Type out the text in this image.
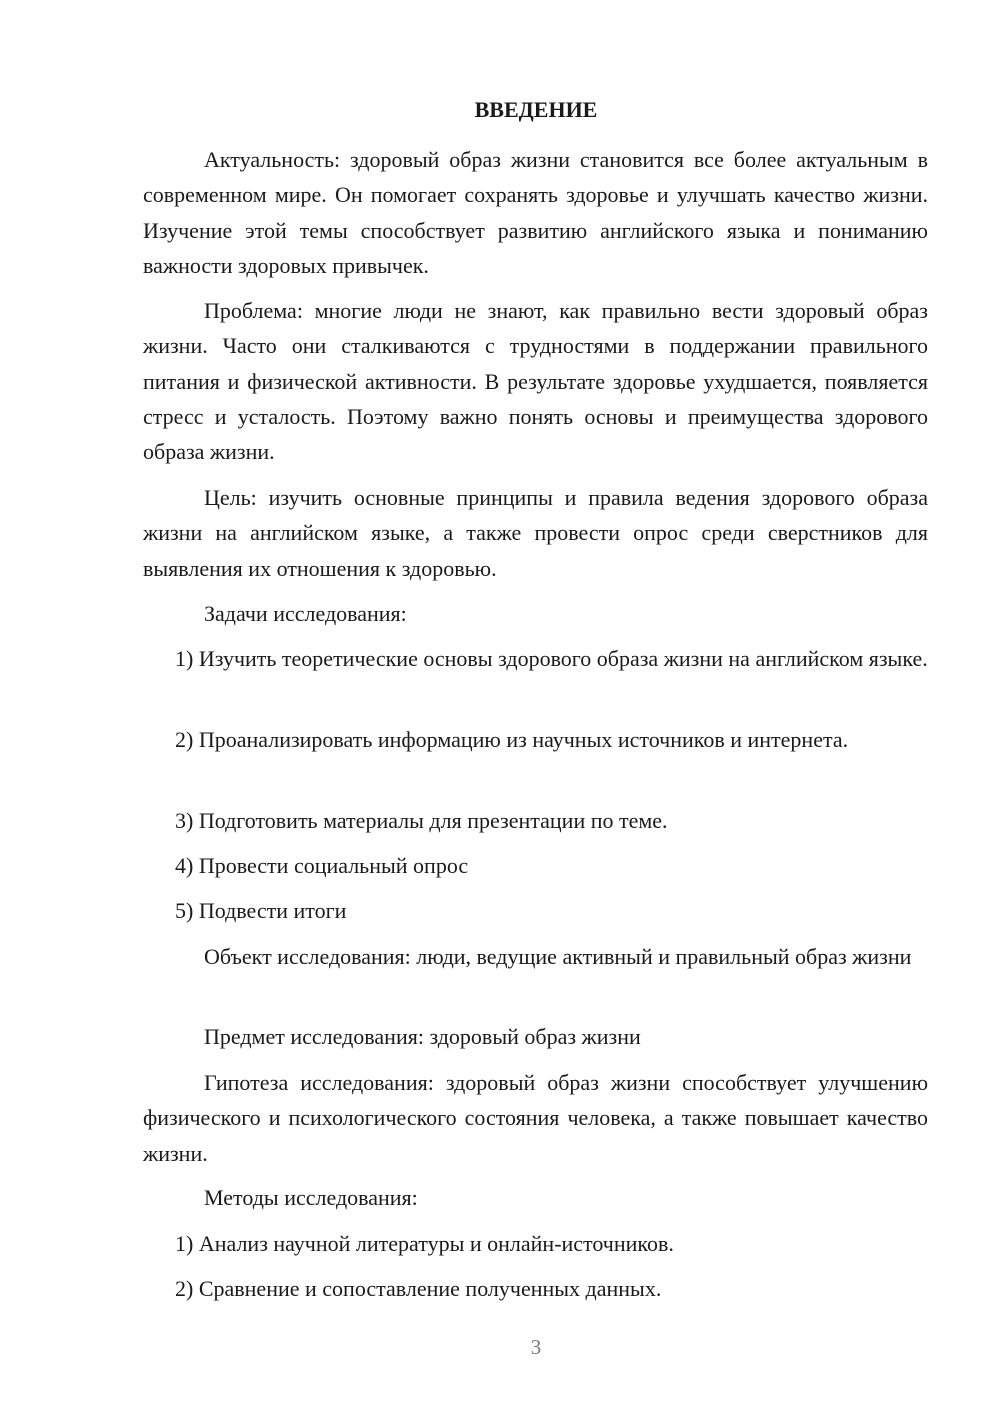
ВВЕДЕНИЕ

Актуальность: здоровый образ жизни становится все более актуальным в современном мире. Он помогает сохранять здоровье и улучшать качество жизни. Изучение этой темы способствует развитию английского языка и пониманию важности здоровых привычек.

Проблема: многие люди не знают, как правильно вести здоровый образ жизни. Часто они сталкиваются с трудностями в поддержании правильного питания и физической активности. В результате здоровье ухудшается, появляется стресс и усталость. Поэтому важно понять основы и преимущества здорового образа жизни.

Цель: изучить основные принципы и правила ведения здорового образа жизни на английском языке, а также провести опрос среди сверстников для выявления их отношения к здоровью.

Задачи исследования:

1) Изучить теоретические основы здорового образа жизни на английском языке.

2) Проанализировать информацию из научных источников и интернета.

3) Подготовить материалы для презентации по теме.

4) Провести социальный опрос

5) Подвести итоги

Объект исследования: люди, ведущие активный и правильный образ жизни

Предмет исследования: здоровый образ жизни

Гипотеза исследования: здоровый образ жизни способствует улучшению физического и психологического состояния человека, а также повышает качество жизни.

Методы исследования:

1) Анализ научной литературы и онлайн-источников.

2) Сравнение и сопоставление полученных данных.

3
